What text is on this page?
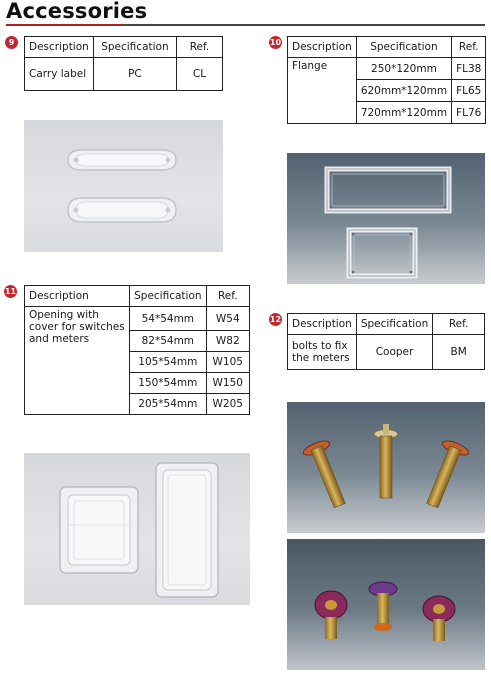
Accessories
9	Description	Specification	Ref.
Carry label	PC	CL
10 Description	Specification	Ref.
Flange	250*120mm	FL38
	620mm*120mm	FL65
	720mm*120mm	FL76
11 Description	Specification	Ref.
Opening with cover for switches and meters	54*54mm	W54
	82*54mm	W82
	105*54mm	W105
	150*54mm	W150
	205*54mm	W205
12 Description	Specification	Ref.
bolts to fix the meters	Cooper	BM
